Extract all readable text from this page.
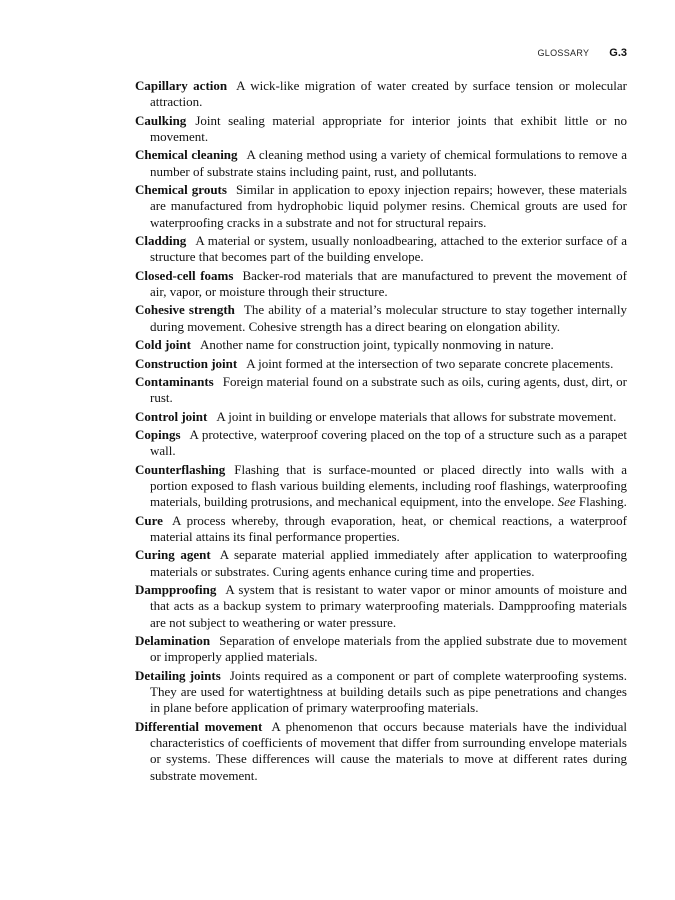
GLOSSARY G.3

Capillary action A wick-like migration of water created by surface tension or molecular attraction.

Caulking Joint sealing material appropriate for interior joints that exhibit little or no movement.

Chemical cleaning A cleaning method using a variety of chemical formulations to remove a number of substrate stains including paint, rust, and pollutants.

Chemical grouts Similar in application to epoxy injection repairs; however, these materials are manufactured from hydrophobic liquid polymer resins. Chemical grouts are used for waterproofing cracks in a substrate and not for structural repairs.

Cladding A material or system, usually nonloadbearing, attached to the exterior surface of a structure that becomes part of the building envelope.

Closed-cell foams Backer-rod materials that are manufactured to prevent the movement of air, vapor, or moisture through their structure.

Cohesive strength The ability of a material’s molecular structure to stay together internally during movement. Cohesive strength has a direct bearing on elongation ability.

Cold joint Another name for construction joint, typically nonmoving in nature.

Construction joint A joint formed at the intersection of two separate concrete placements.

Contaminants Foreign material found on a substrate such as oils, curing agents, dust, dirt, or rust.

Control joint A joint in building or envelope materials that allows for substrate movement.

Copings A protective, waterproof covering placed on the top of a structure such as a parapet wall.

Counterflashing Flashing that is surface-mounted or placed directly into walls with a portion exposed to flash various building elements, including roof flashings, waterproofing materials, building protrusions, and mechanical equipment, into the envelope. See Flashing.

Cure A process whereby, through evaporation, heat, or chemical reactions, a waterproof material attains its final performance properties.

Curing agent A separate material applied immediately after application to waterproofing materials or substrates. Curing agents enhance curing time and properties.

Dampproofing A system that is resistant to water vapor or minor amounts of moisture and that acts as a backup system to primary waterproofing materials. Dampproofing materials are not subject to weathering or water pressure.

Delamination Separation of envelope materials from the applied substrate due to movement or improperly applied materials.

Detailing joints Joints required as a component or part of complete waterproofing systems. They are used for watertightness at building details such as pipe penetrations and changes in plane before application of primary waterproofing materials.

Differential movement A phenomenon that occurs because materials have the individual characteristics of coefficients of movement that differ from surrounding envelope materials or systems. These differences will cause the materials to move at different rates during substrate movement.
